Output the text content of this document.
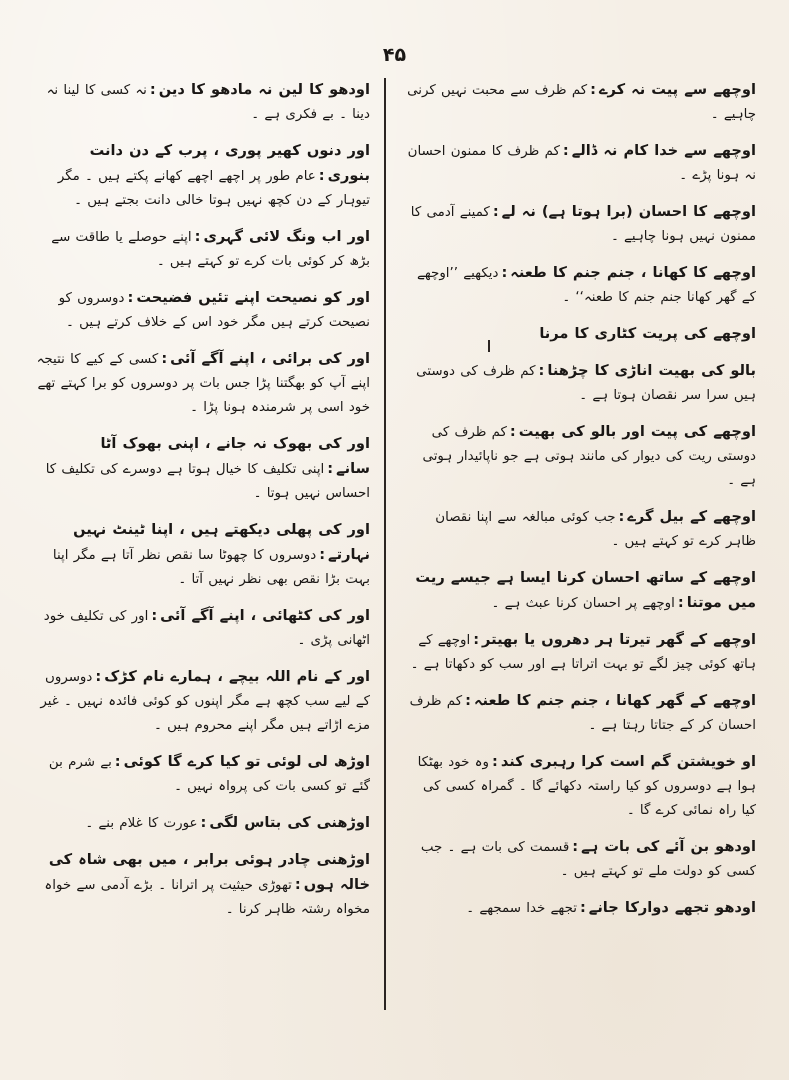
۴۵
اوچھے سے پیت نہ کرے:کم ظرف سے محبت نہیں کرنی چاہیے ۔
اوچھے سے خدا کام نہ ڈالے:کم ظرف کا ممنون احسان نہ ہونا پڑے ۔
اوچھے کا احسان (برا ہوتا ہے) نہ لے:کمینے آدمی کا ممنون نہیں ہونا چاہیے ۔
اوچھے کا کھانا ، جنم جنم کا طعنہ:دیکھیے ’’اوچھے کے گھر کھانا جنم جنم کا طعنہ‘‘ ۔
اوچھے کی پریت کٹاری کا مرنا
بالو کی بھیت اناڑی کا چڑھنا:کم ظرف کی دوستی ہیں سرا سر نقصان ہوتا ہے ۔
اوچھے کی پیت اور بالو کی بھیت:کم ظرف کی دوستی ریت کی دیوار کی مانند ہوتی ہے جو ناپائیدار ہوتی ہے ۔
اوچھے کے بیل گرے:جب کوئی مبالغہ سے اپنا نقصان ظاہر کرے تو کہتے ہیں ۔
اوچھے کے ساتھ احسان کرنا ایسا ہے جیسے ریت میں موتنا:اوچھے پر احسان کرنا عبث ہے ۔
اوچھے کے گھر تیرتا ہر دھروں یا بھیتر:اوچھے کے ہاتھ کوئی چیز لگے تو بہت اتراتا ہے اور سب کو دکھاتا ہے ۔
اوچھے کے گھر کھانا ، جنم جنم کا طعنہ:کم ظرف احسان کر کے جتاتا رہتا ہے ۔
او خویشتن گم است کرا رہبری کند:وہ خود بھٹکا ہوا ہے دوسروں کو کیا راستہ دکھائے گا ۔ گمراہ کسی کی کیا راہ نمائی کرے گا ۔
اودھو بن آئے کی بات ہے:قسمت کی بات ہے ۔ جب کسی کو دولت ملے تو کہتے ہیں ۔
اودھو تجھے دوارکا جانے:تجھے خدا سمجھے ۔
اودھو کا لین نہ مادھو کا دین:نہ کسی کا لینا نہ دینا ۔ بے فکری ہے ۔
اور دنوں کھیر پوری ، پرب کے دن دانت بنوری:عام طور پر اچھے اچھے کھانے پکتے ہیں ۔ مگر تیوہار کے دن کچھ نہیں ہوتا خالی دانت بجتے ہیں ۔
اور اب ونگ لائی گہری:اپنے حوصلے یا طاقت سے بڑھ کر کوئی بات کرے تو کہتے ہیں ۔
اور کو نصیحت اپنے تئیں فضیحت:دوسروں کو نصیحت کرتے ہیں مگر خود اس کے خلاف کرتے ہیں ۔
اور کی برائی ، اپنے آگے آئی:کسی کے کیے کا نتیجہ اپنے آپ کو بھگتنا پڑا جس بات پر دوسروں کو برا کہتے تھے خود اسی پر شرمندہ ہونا پڑا ۔
اور کی بھوک نہ جانے ، اپنی بھوک آٹا سانے:اپنی تکلیف کا خیال ہوتا ہے دوسرے کی تکلیف کا احساس نہیں ہوتا ۔
اور کی پھلی دیکھتے ہیں ، اپنا ٹینٹ نہیں نہارتے:دوسروں کا چھوٹا سا نقص نظر آتا ہے مگر اپنا بہت بڑا نقص بھی نظر نہیں آتا ۔
اور کی کٹھائی ، اپنے آگے آئی:اور کی تکلیف خود اٹھانی پڑی ۔
اور کے نام اللہ بیچے ، ہمارے نام کڑک:دوسروں کے لیے سب کچھ ہے مگر اپنوں کو کوئی فائدہ نہیں ۔ غیر مزے اڑاتے ہیں مگر اپنے محروم ہیں ۔
اوڑھ لی لوئی تو کیا کرے گا کوئی:بے شرم بن گئے تو کسی بات کی پرواہ نہیں ۔
اوڑھنی کی بتاس لگی:عورت کا غلام بنے ۔
اوڑھنی چادر ہوئی برابر ، میں بھی شاہ کی خالہ ہوں:تھوڑی حیثیت پر اترانا ۔ بڑے آدمی سے خواہ مخواہ رشتہ ظاہر کرنا ۔
